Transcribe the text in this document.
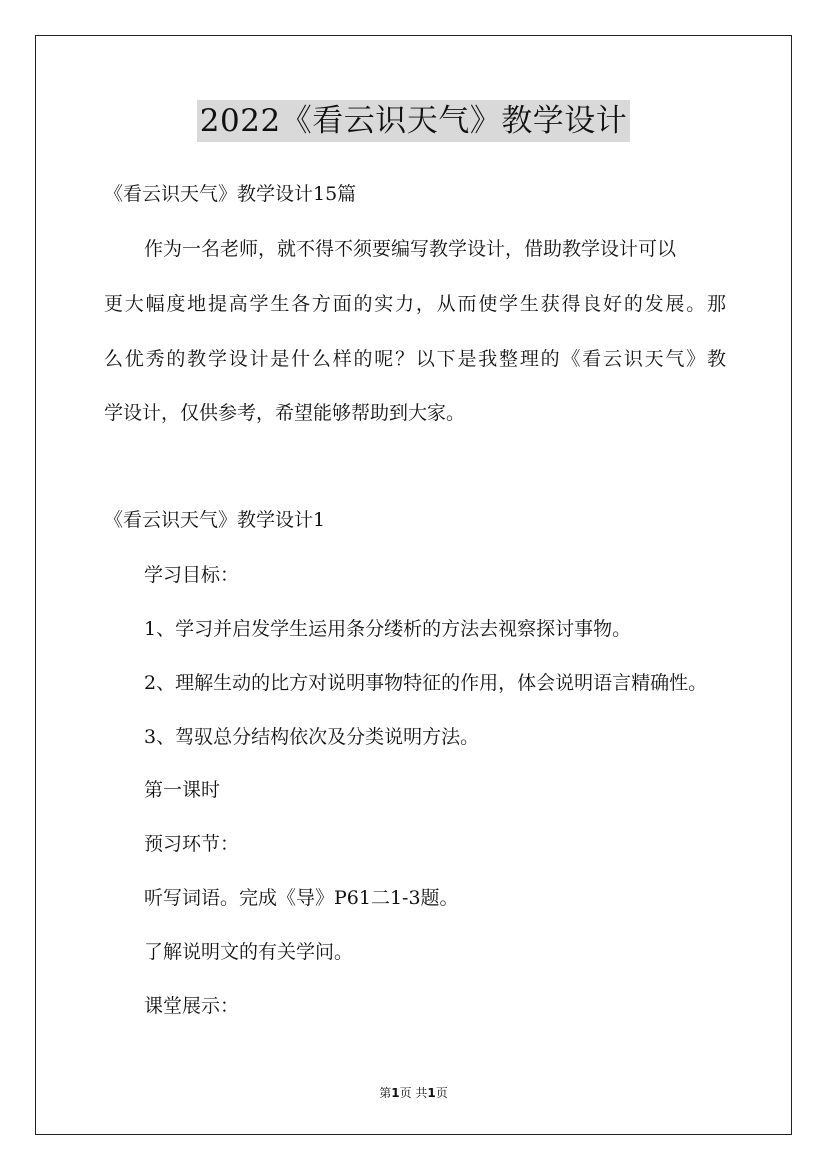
2022《看云识天气》教学设计
《看云识天气》教学设计15篇
作为一名老师，就不得不须要编写教学设计，借助教学设计可以
更大幅度地提高学生各方面的实力，从而使学生获得良好的发展。那
么优秀的教学设计是什么样的呢？以下是我整理的《看云识天气》教
学设计，仅供参考，希望能够帮助到大家。
《看云识天气》教学设计1
学习目标：
1、学习并启发学生运用条分缕析的方法去视察探讨事物。
2、理解生动的比方对说明事物特征的作用，体会说明语言精确性。
3、驾驭总分结构依次及分类说明方法。
第一课时
预习环节：
听写词语。完成《导》P61二1-3题。
了解说明文的有关学问。
课堂展示：
第1页 共1页
